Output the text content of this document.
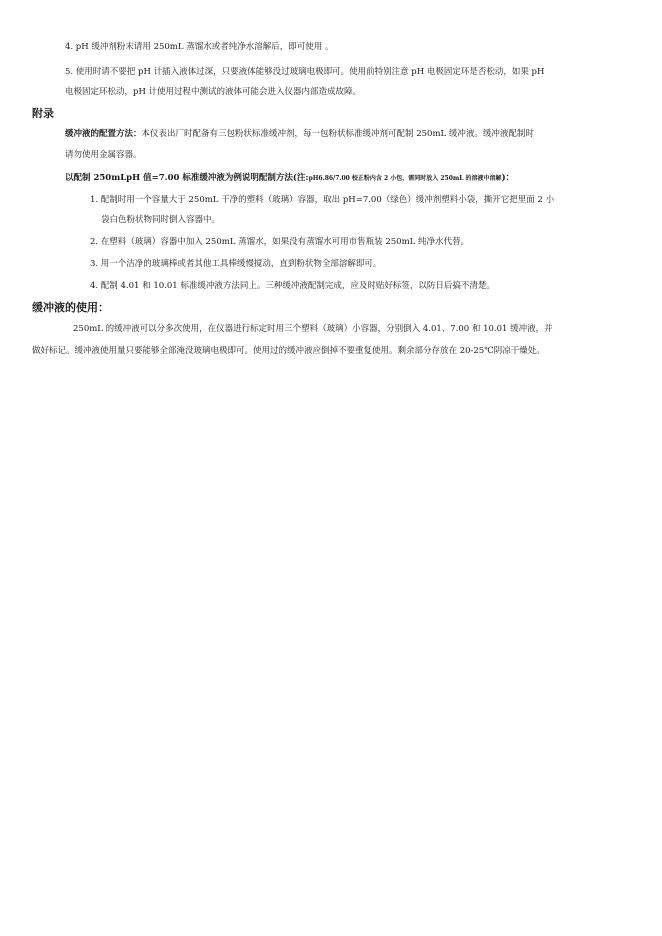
4. pH 缓冲剂粉末请用 250mL 蒸馏水或者纯净水溶解后，即可使用 。
5. 使用时请不要把 pH 计插入液体过深，只要液体能够没过玻璃电极即可。使用前特别注意 pH 电极固定环是否松动，如果 pH
电极固定环松动，pH 计使用过程中测试的液体可能会进入仪器内部造成故障。
附录
缓冲液的配置方法：本仪表出厂时配备有三包粉状标准缓冲剂，每一包粉状标准缓冲剂可配制 250mL 缓冲液。缓冲液配制时
请勿使用金属容器。
以配制 250mLpH 值=7.00 标准缓冲液为例说明配制方法(注:pH6.86/7.00 校正粉内含 2 小包，需同时放入 250mL 的溶液中溶解)：
1. 配制时用一个容量大于 250mL 干净的塑料（玻璃）容器，取出 pH=7.00（绿色）缓冲剂塑料小袋，撕开它把里面 2 小
袋白色粉状物同时倒入容器中。
2. 在塑料（玻璃）容器中加入 250mL 蒸馏水，如果没有蒸馏水可用市售瓶装 250mL 纯净水代替。
3. 用一个洁净的玻璃棒或者其他工具棒缓慢搅动，直到粉状物全部溶解即可。
4. 配制 4.01 和 10.01 标准缓冲液方法同上。三种缓冲液配制完成，应及时贴好标签，以防日后搞不清楚。
缓冲液的使用：
250mL 的缓冲液可以分多次使用，在仪器进行标定时用三个塑料（玻璃）小容器，分别倒入 4.01、7.00 和 10.01 缓冲液，并
做好标记。缓冲液使用量只要能够全部淹没玻璃电极即可。使用过的缓冲液应倒掉不要重复使用。剩余部分存放在 20-25℃阴凉干燥处。
